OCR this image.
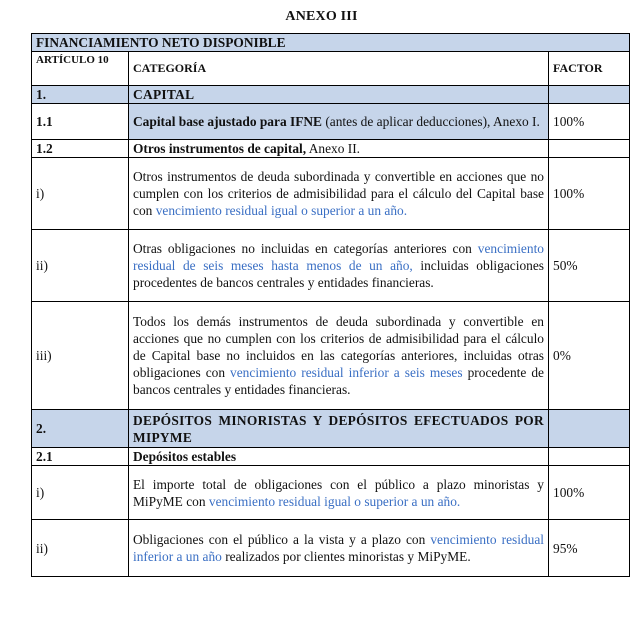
ANEXO III
FINANCIAMIENTO NETO DISPONIBLE		
ARTÍCULO 10	CATEGORÍA	FACTOR
1.	CAPITAL	
1.1	Capital base ajustado para IFNE (antes de aplicar deducciones), Anexo I.	100%
1.2	Otros instrumentos de capital, Anexo II.	
i)	Otros instrumentos de deuda subordinada y convertible en acciones que no cumplen con los criterios de admisibilidad para el cálculo del Capital base con vencimiento residual igual o superior a un año.	100%
ii)	Otras obligaciones no incluidas en categorías anteriores con vencimiento residual de seis meses hasta menos de un año, incluidas obligaciones procedentes de bancos centrales y entidades financieras.	50%
iii)	Todos los demás instrumentos de deuda subordinada y convertible en acciones que no cumplen con los criterios de admisibilidad para el cálculo de Capital base no incluidos en las categorías anteriores, incluidas otras obligaciones con vencimiento residual inferior a seis meses procedente de bancos centrales y entidades financieras.	0%
2.	DEPÓSITOS MINORISTAS Y DEPÓSITOS EFECTUADOS POR MIPYME	
2.1	Depósitos estables	
i)	El importe total de obligaciones con el público a plazo minoristas y MiPyME con vencimiento residual igual o superior a un año.	100%
ii)	Obligaciones con el público a la vista y a plazo con vencimiento residual inferior a un año realizados por clientes minoristas y MiPyME.	95%
